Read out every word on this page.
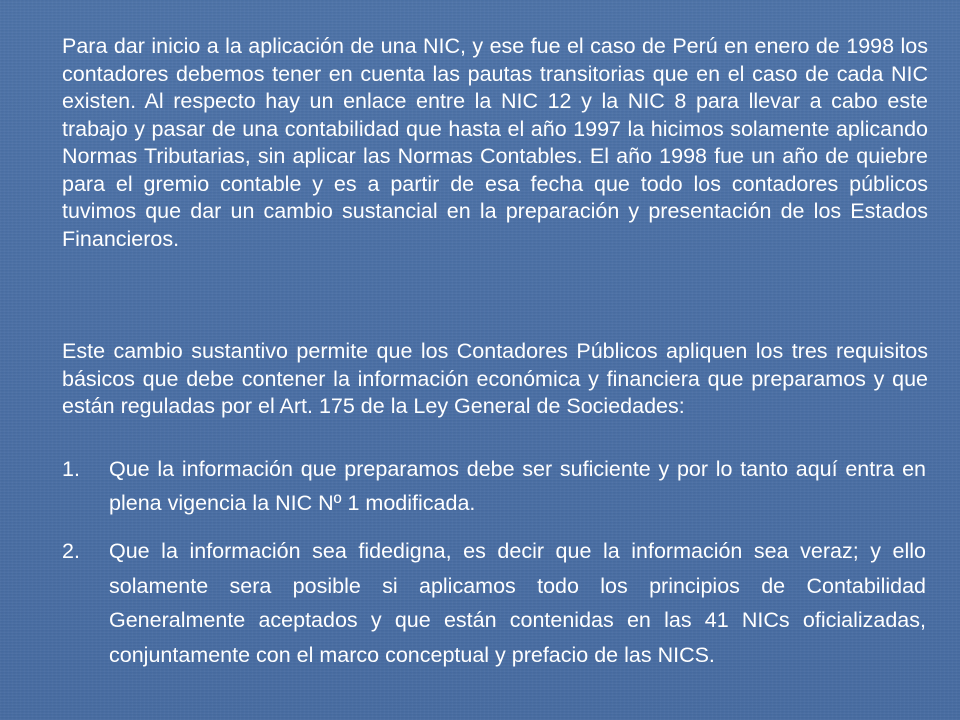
Para dar inicio a la aplicación de una NIC, y ese fue el caso de Perú en enero de 1998 los contadores debemos tener en cuenta las pautas transitorias que en el caso de cada NIC existen. Al respecto hay un enlace entre la NIC 12 y la NIC 8 para llevar a cabo este trabajo y pasar de una contabilidad que hasta el año 1997 la hicimos solamente aplicando Normas Tributarias, sin aplicar las Normas Contables. El año 1998 fue un año de quiebre para el gremio contable y es a partir de esa fecha que todo los contadores públicos tuvimos que dar un cambio sustancial en la preparación y presentación de los Estados Financieros.

Este cambio sustantivo permite que los Contadores Públicos apliquen los tres requisitos básicos que debe contener la información económica y financiera que preparamos y que están reguladas por el Art. 175 de la Ley General de Sociedades:

1.	Que la información que preparamos debe ser suficiente y por lo tanto aquí entra en plena vigencia la NIC Nº 1 modificada.

2.	Que la información sea fidedigna, es decir que la información sea veraz; y ello solamente sera posible si aplicamos todo los principios de Contabilidad Generalmente aceptados y que están contenidas en las 41 NICs oficializadas, conjuntamente con el marco conceptual y prefacio de las NICS.
